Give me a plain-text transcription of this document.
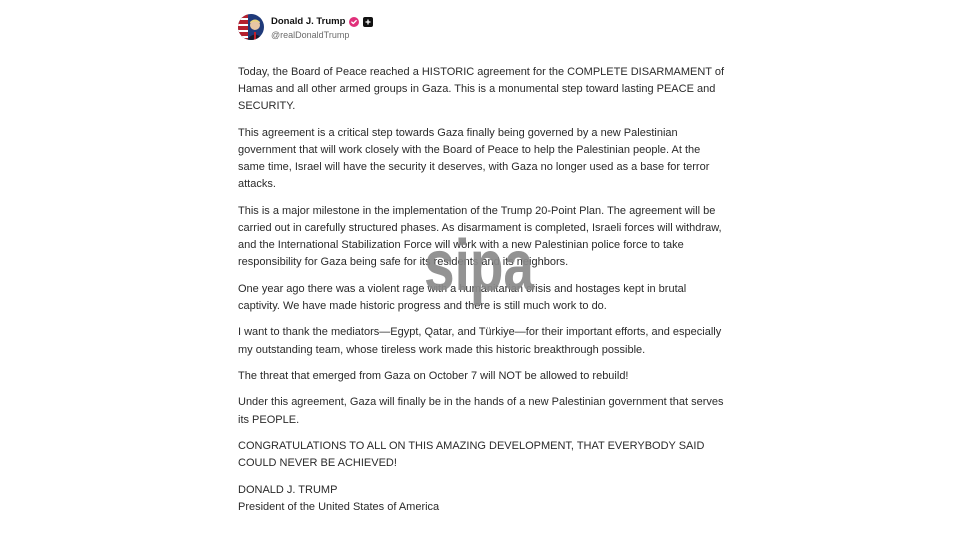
Donald J. Trump
@realDonaldTrump

Today, the Board of Peace reached a HISTORIC agreement for the COMPLETE DISARMAMENT of Hamas and all other armed groups in Gaza. This is a monumental step toward lasting PEACE and SECURITY.

This agreement is a critical step towards Gaza finally being governed by a new Palestinian government that will work closely with the Board of Peace to help the Palestinian people. At the same time, Israel will have the security it deserves, with Gaza no longer used as a base for terror attacks.

This is a major milestone in the implementation of the Trump 20-Point Plan. The agreement will be carried out in carefully structured phases. As disarmament is completed, Israeli forces will withdraw, and the International Stabilization Force will work with a new Palestinian police force to take responsibility for Gaza being safe for its residents and its neighbors.

One year ago there was a violent rage with a humanitarian crisis and hostages kept in brutal captivity. We have made historic progress and there is still much work to do.

I want to thank the mediators—Egypt, Qatar, and Türkiye—for their important efforts, and especially my outstanding team, whose tireless work made this historic breakthrough possible.

The threat that emerged from Gaza on October 7 will NOT be allowed to rebuild!

Under this agreement, Gaza will finally be in the hands of a new Palestinian government that serves its PEOPLE.

CONGRATULATIONS TO ALL ON THIS AMAZING DEVELOPMENT, THAT EVERYBODY SAID COULD NEVER BE ACHIEVED!

DONALD J. TRUMP

President of the United States of America

sipa
